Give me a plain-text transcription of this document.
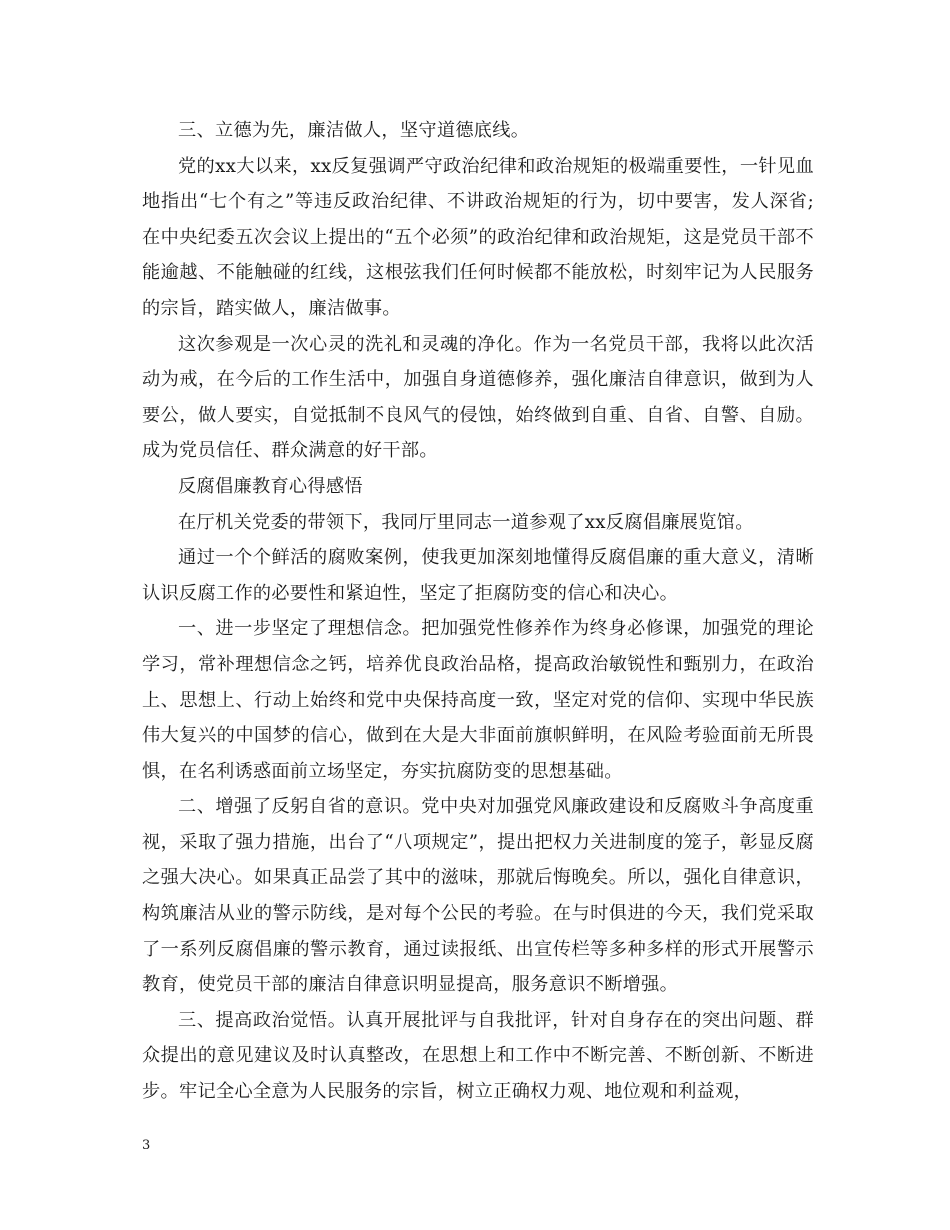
三、立德为先，廉洁做人，坚守道德底线。

党的xx大以来，xx反复强调严守政治纪律和政治规矩的极端重要性，一针见血地指出“七个有之”等违反政治纪律、不讲政治规矩的行为，切中要害，发人深省;在中央纪委五次会议上提出的“五个必须”的政治纪律和政治规矩，这是党员干部不能逾越、不能触碰的红线，这根弦我们任何时候都不能放松，时刻牢记为人民服务的宗旨，踏实做人，廉洁做事。

这次参观是一次心灵的洗礼和灵魂的净化。作为一名党员干部，我将以此次活动为戒，在今后的工作生活中，加强自身道德修养，强化廉洁自律意识，做到为人要公，做人要实，自觉抵制不良风气的侵蚀，始终做到自重、自省、自警、自励。成为党员信任、群众满意的好干部。

反腐倡廉教育心得感悟

在厅机关党委的带领下，我同厅里同志一道参观了xx反腐倡廉展览馆。

通过一个个鲜活的腐败案例，使我更加深刻地懂得反腐倡廉的重大意义，清晰认识反腐工作的必要性和紧迫性，坚定了拒腐防变的信心和决心。

一、进一步坚定了理想信念。把加强党性修养作为终身必修课，加强党的理论学习，常补理想信念之钙，培养优良政治品格，提高政治敏锐性和甄别力，在政治上、思想上、行动上始终和党中央保持高度一致，坚定对党的信仰、实现中华民族伟大复兴的中国梦的信心，做到在大是大非面前旗帜鲜明，在风险考验面前无所畏惧，在名利诱惑面前立场坚定，夯实抗腐防变的思想基础。

二、增强了反躬自省的意识。党中央对加强党风廉政建设和反腐败斗争高度重视，采取了强力措施，出台了“八项规定”，提出把权力关进制度的笼子，彰显反腐之强大决心。如果真正品尝了其中的滋味，那就后悔晚矣。所以，强化自律意识，构筑廉洁从业的警示防线，是对每个公民的考验。在与时俱进的今天，我们党采取了一系列反腐倡廉的警示教育，通过读报纸、出宣传栏等多种多样的形式开展警示教育，使党员干部的廉洁自律意识明显提高，服务意识不断增强。

三、提高政治觉悟。认真开展批评与自我批评，针对自身存在的突出问题、群众提出的意见建议及时认真整改，在思想上和工作中不断完善、不断创新、不断进步。牢记全心全意为人民服务的宗旨，树立正确权力观、地位观和利益观，

3
